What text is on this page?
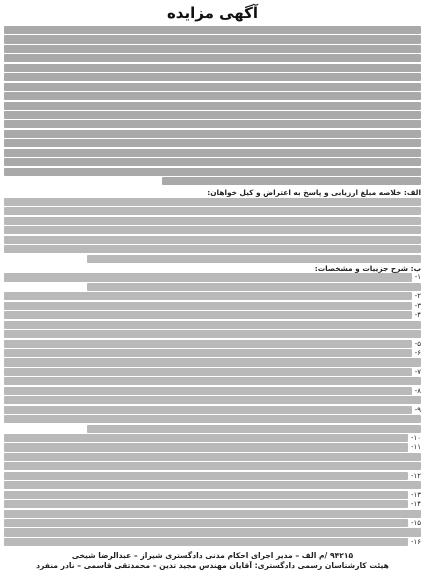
آگهی مزایده
الف: خلاصه مبلغ ارزیابی و پاسخ به اعتراض و کیل خواهان:
ب: شرح جزییات و مشخصات:
۱-
۲-
۳-
۴-
۵-
۶-
۷-
۸-
۹-
۱۰-
۱۱-
۱۲-
۱۳-
۱۴-
۱۵-
۱۶-
۹۴۲۱۵ /م الف – مدیر اجرای احکام مدنی دادگستری شیراز – عبدالرضا شیخی
هیئت کارشناسان رسمی دادگستری: آقایان مهندس مجید تدین – محمدتقی قاسمی – نادر منفرد
